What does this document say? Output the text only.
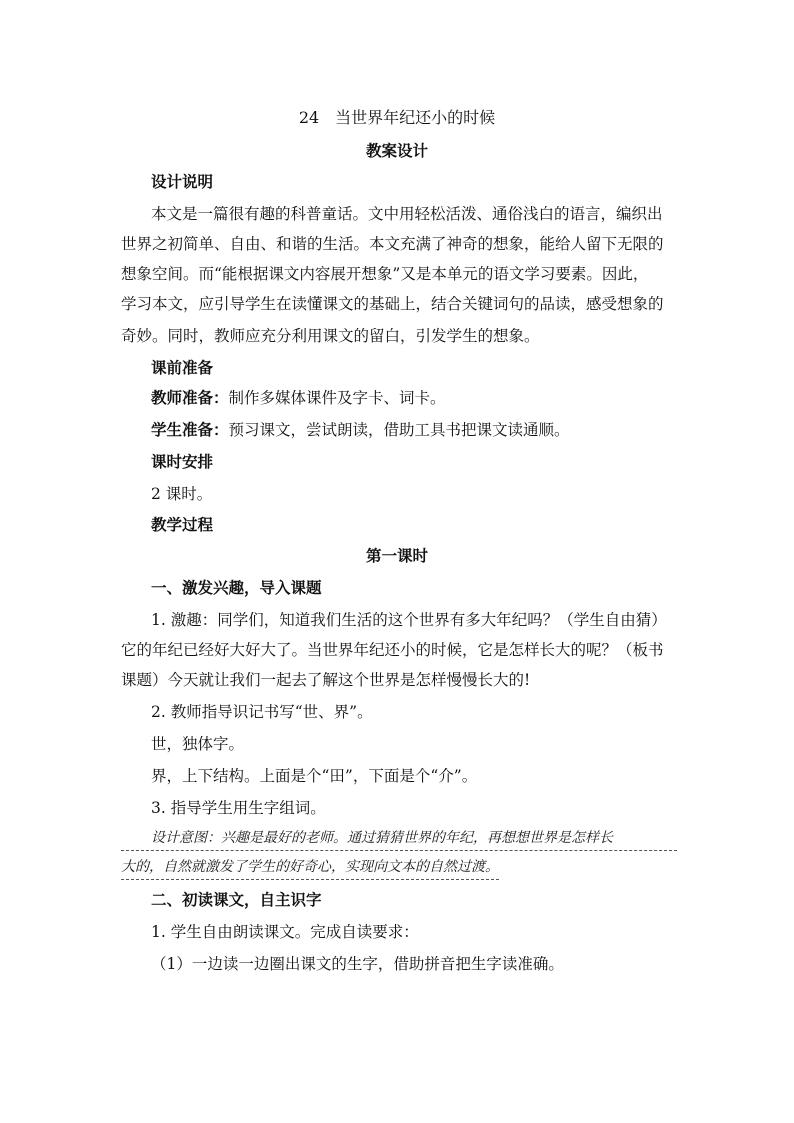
24　当世界年纪还小的时候
教案设计
设计说明
本文是一篇很有趣的科普童话。文中用轻松活泼、通俗浅白的语言，编织出
世界之初简单、自由、和谐的生活。本文充满了神奇的想象，能给人留下无限的
想象空间。而“能根据课文内容展开想象”又是本单元的语文学习要素。因此，
学习本文，应引导学生在读懂课文的基础上，结合关键词句的品读，感受想象的
奇妙。同时，教师应充分利用课文的留白，引发学生的想象。
课前准备
教师准备：制作多媒体课件及字卡、词卡。
学生准备：预习课文，尝试朗读，借助工具书把课文读通顺。
课时安排
2 课时。
教学过程
第一课时
一、激发兴趣，导入课题
1. 激趣：同学们，知道我们生活的这个世界有多大年纪吗？（学生自由猜）
它的年纪已经好大好大了。当世界年纪还小的时候，它是怎样长大的呢？（板书
课题）今天就让我们一起去了解这个世界是怎样慢慢长大的!
2. 教师指导识记书写“世、界”。
世，独体字。
界，上下结构。上面是个“田”，下面是个“介”。
3. 指导学生用生字组词。
设计意图：兴趣是最好的老师。通过猜猜世界的年纪，再想想世界是怎样长
大的，自然就激发了学生的好奇心，实现向文本的自然过渡。
二、初读课文，自主识字
1. 学生自由朗读课文。完成自读要求：
（1）一边读一边圈出课文的生字，借助拼音把生字读准确。
